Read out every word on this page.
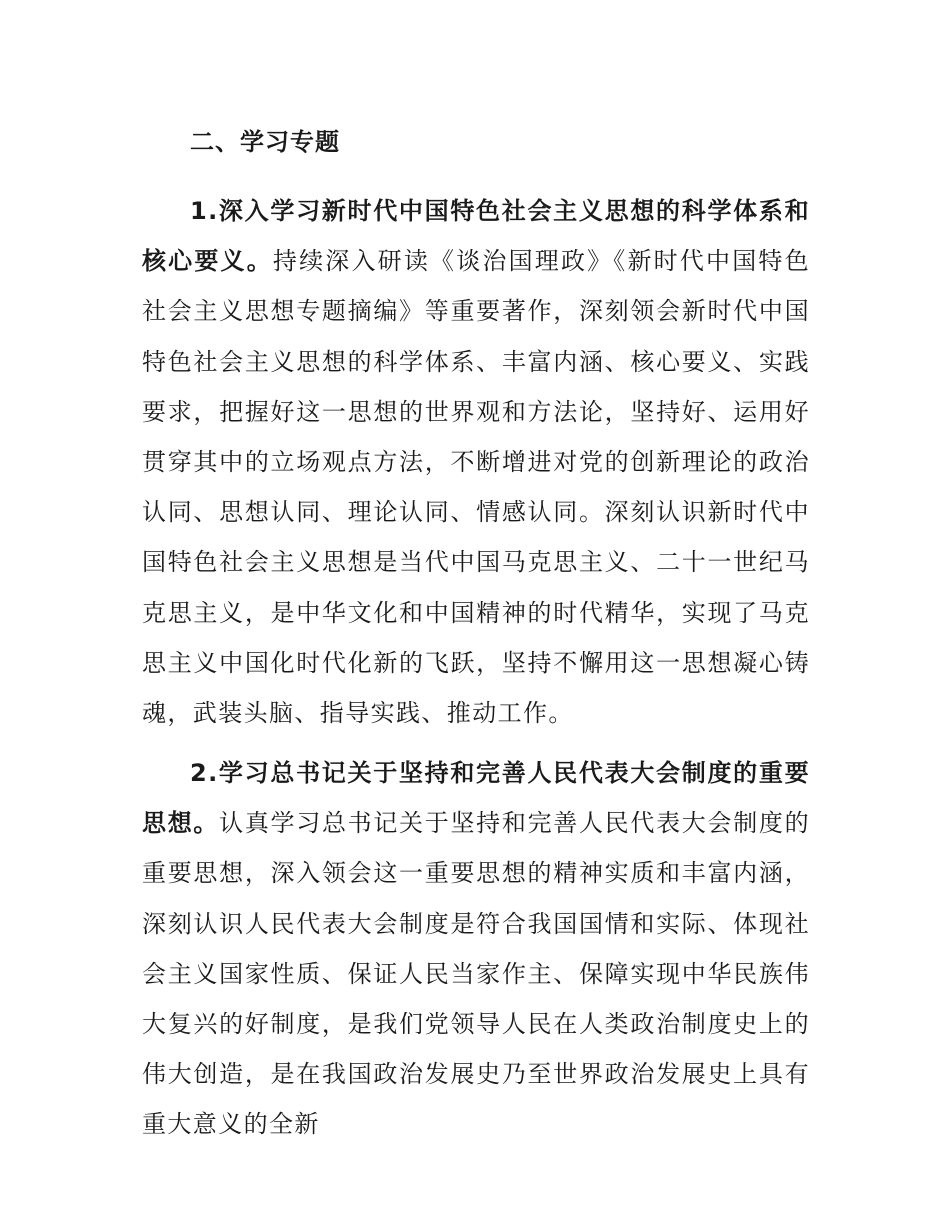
二、学习专题

1.深入学习新时代中国特色社会主义思想的科学体系和核心要义。持续深入研读《谈治国理政》《新时代中国特色社会主义思想专题摘编》等重要著作，深刻领会新时代中国特色社会主义思想的科学体系、丰富内涵、核心要义、实践要求，把握好这一思想的世界观和方法论，坚持好、运用好贯穿其中的立场观点方法，不断增进对党的创新理论的政治认同、思想认同、理论认同、情感认同。深刻认识新时代中国特色社会主义思想是当代中国马克思主义、二十一世纪马克思主义，是中华文化和中国精神的时代精华，实现了马克思主义中国化时代化新的飞跃，坚持不懈用这一思想凝心铸魂，武装头脑、指导实践、推动工作。

2.学习总书记关于坚持和完善人民代表大会制度的重要思想。认真学习总书记关于坚持和完善人民代表大会制度的重要思想，深入领会这一重要思想的精神实质和丰富内涵，深刻认识人民代表大会制度是符合我国国情和实际、体现社会主义国家性质、保证人民当家作主、保障实现中华民族伟大复兴的好制度，是我们党领导人民在人类政治制度史上的伟大创造，是在我国政治发展史乃至世界政治发展史上具有重大意义的全新
